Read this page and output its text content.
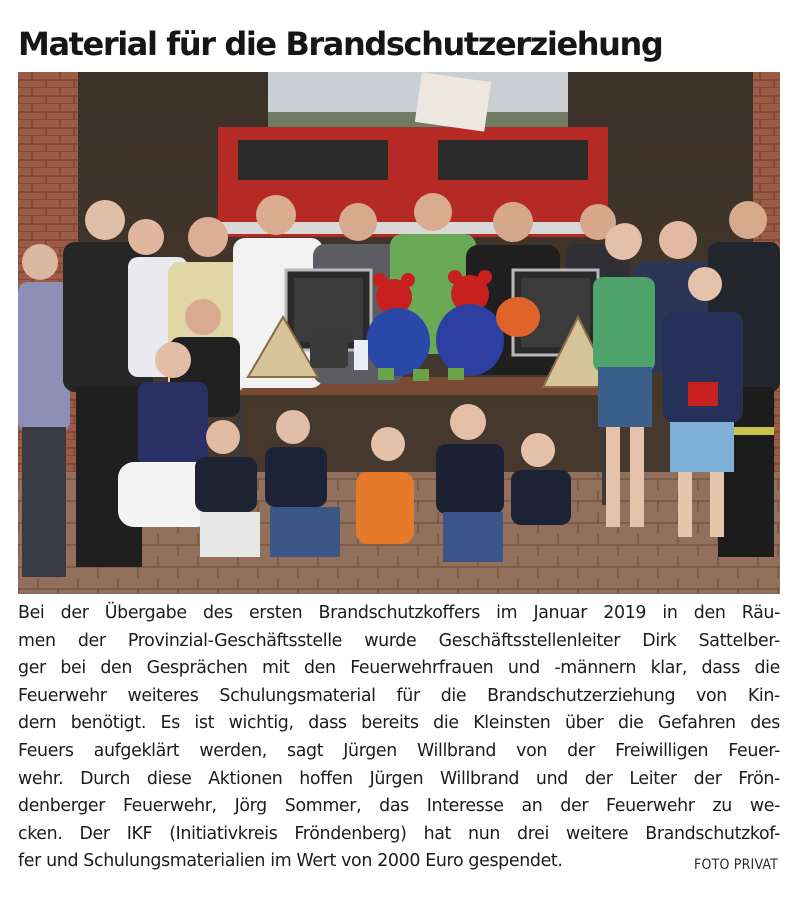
Material für die Brandschutzerziehung
Bei der Übergabe des ersten Brandschutzkoffers im Januar 2019 in den Räu-
men der Provinzial-Geschäftsstelle wurde Geschäftsstellenleiter Dirk Sattelber-
ger bei den Gesprächen mit den Feuerwehrfrauen und -männern klar, dass die
Feuerwehr weiteres Schulungsmaterial für die Brandschutzerziehung von Kin-
dern benötigt. Es ist wichtig, dass bereits die Kleinsten über die Gefahren des
Feuers aufgeklärt werden, sagt Jürgen Willbrand von der Freiwilligen Feuer-
wehr. Durch diese Aktionen hoffen Jürgen Willbrand und der Leiter der Frön-
denberger Feuerwehr, Jörg Sommer, das Interesse an der Feuerwehr zu we-
cken. Der IKF (Initiativkreis Fröndenberg) hat nun drei weitere Brandschutzkof-
fer und Schulungsmaterialien im Wert von 2000 Euro gespendet.	FOTO PRIVAT
